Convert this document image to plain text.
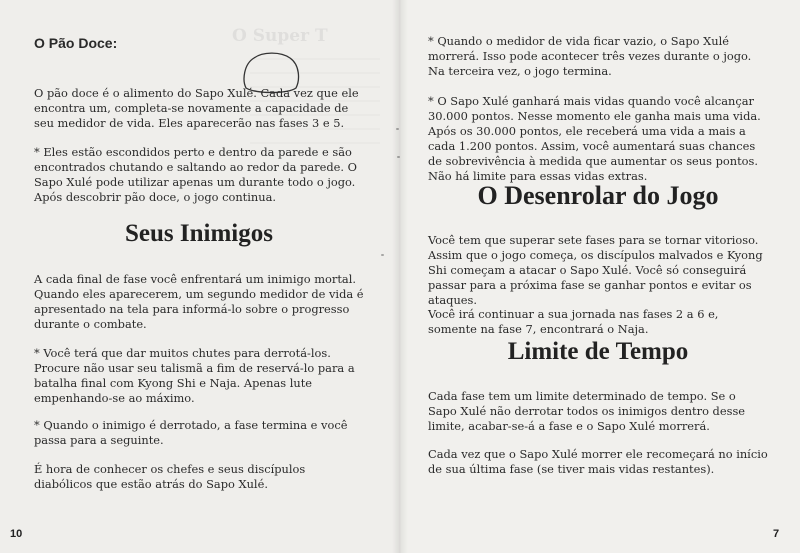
O Super T
O Pão Doce:
O pão doce é o alimento do Sapo Xulé. Cada vez que ele encontra um, completa-se novamente a capacidade de seu medidor de vida. Eles aparecerão nas fases 3 e 5.
* Eles estão escondidos perto e dentro da parede e são encontrados chutando e saltando ao redor da parede. O Sapo Xulé pode utilizar apenas um durante todo o jogo. Após descobrir pão doce, o jogo continua.
Seus Inimigos
A cada final de fase você enfrentará um inimigo mortal. Quando eles aparecerem, um segundo medidor de vida é apresentado na tela para informá-lo sobre o progresso durante o combate.
* Você terá que dar muitos chutes para derrotá-los. Procure não usar seu talismã a fim de reservá-lo para a batalha final com Kyong Shi e Naja. Apenas lute empenhando-se ao máximo.
* Quando o inimigo é derrotado, a fase termina e você passa para a seguinte.
É hora de conhecer os chefes e seus discípulos diabólicos que estão atrás do Sapo Xulé.
10
* Quando o medidor de vida ficar vazio, o Sapo Xulé morrerá. Isso pode acontecer três vezes durante o jogo. Na terceira vez, o jogo termina.
* O Sapo Xulé ganhará mais vidas quando você alcançar 30.000 pontos. Nesse momento ele ganha mais uma vida. Após os 30.000 pontos, ele receberá uma vida a mais a cada 1.200 pontos. Assim, você aumentará suas chances de sobrevivência à medida que aumentar os seus pontos. Não há limite para essas vidas extras.
O Desenrolar do Jogo
Você tem que superar sete fases para se tornar vitorioso. Assim que o jogo começa, os discípulos malvados e Kyong Shi começam a atacar o Sapo Xulé. Você só conseguirá passar para a próxima fase se ganhar pontos e evitar os ataques.
Você irá continuar a sua jornada nas fases 2 a 6 e, somente na fase 7, encontrará o Naja.
Limite de Tempo
Cada fase tem um limite determinado de tempo. Se o Sapo Xulé não derrotar todos os inimigos dentro desse limite, acabar-se-á a fase e o Sapo Xulé morrerá.
Cada vez que o Sapo Xulé morrer ele recomeçará no início de sua última fase (se tiver mais vidas restantes).
7
